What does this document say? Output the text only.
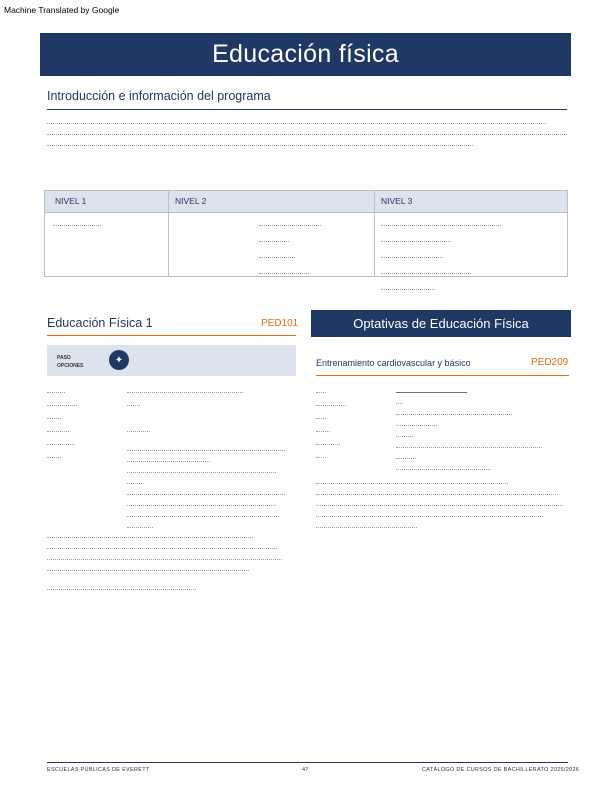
Machine Translated by Google
Educación física
Introducción e información del programa
NIVEL 1	NIVEL 2	NIVEL 3
Educación Física 1	PED101
PASO OPCIONES
✦
Optativas de Educación Física
Entrenamiento cardiovascular y básico	PED209
ESCUELAS PÚBLICAS DE EVERETT	47	CATÁLOGO DE CURSOS DE BACHILLERATO 2025/2026
